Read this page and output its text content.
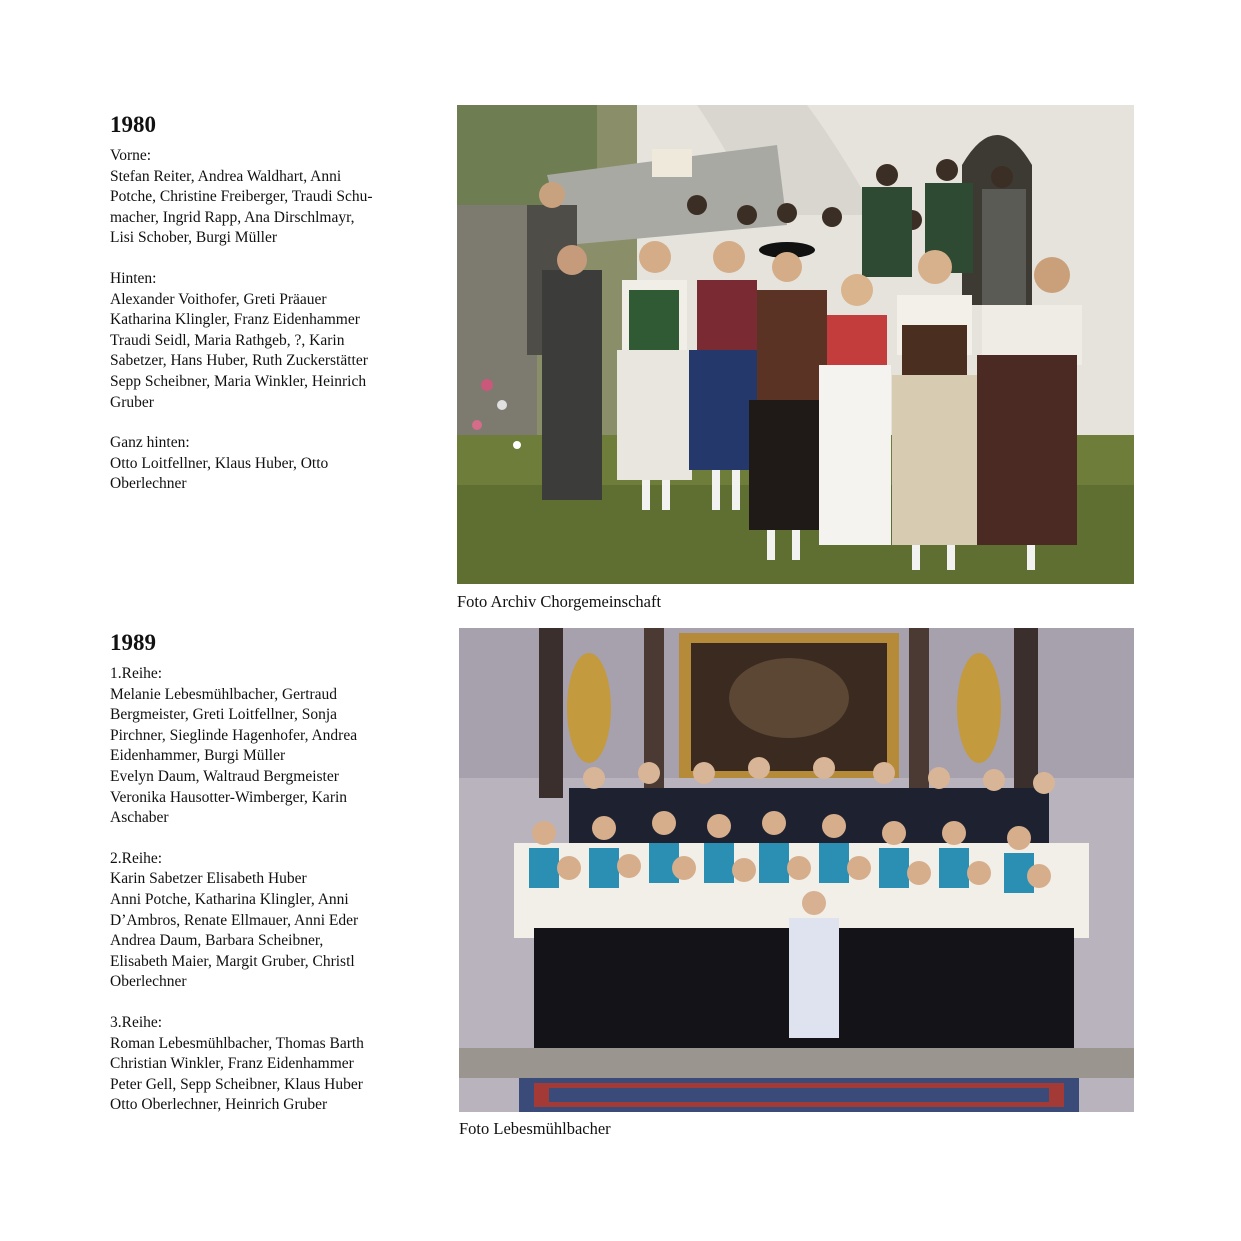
1980
Vorne:
Stefan Reiter, Andrea Waldhart, Anni
Potche, Christine Freiberger, Traudi Schu-
macher, Ingrid Rapp, Ana Dirschlmayr,
Lisi Schober, Burgi Müller
Hinten:
Alexander Voithofer, Greti Präauer
Katharina Klingler, Franz Eidenhammer
Traudi Seidl, Maria Rathgeb, ?, Karin
Sabetzer, Hans Huber, Ruth Zuckerstätter
Sepp Scheibner, Maria Winkler, Heinrich
Gruber
Ganz hinten:
Otto Loitfellner, Klaus Huber, Otto
Oberlechner
Foto Archiv Chorgemeinschaft
1989
1.Reihe:
Melanie Lebesmühlbacher, Gertraud
Bergmeister, Greti Loitfellner, Sonja
Pirchner, Sieglinde Hagenhofer, Andrea
Eidenhammer, Burgi Müller
Evelyn Daum, Waltraud Bergmeister
Veronika Hausotter-Wimberger, Karin
Aschaber
2.Reihe:
Karin Sabetzer Elisabeth Huber
Anni Potche, Katharina Klingler, Anni
D’Ambros, Renate Ellmauer, Anni Eder
Andrea Daum, Barbara Scheibner,
Elisabeth Maier, Margit Gruber, Christl
Oberlechner
3.Reihe:
Roman Lebesmühlbacher, Thomas Barth
Christian Winkler, Franz Eidenhammer
Peter Gell, Sepp Scheibner, Klaus Huber
Otto Oberlechner, Heinrich Gruber
Foto Lebesmühlbacher
